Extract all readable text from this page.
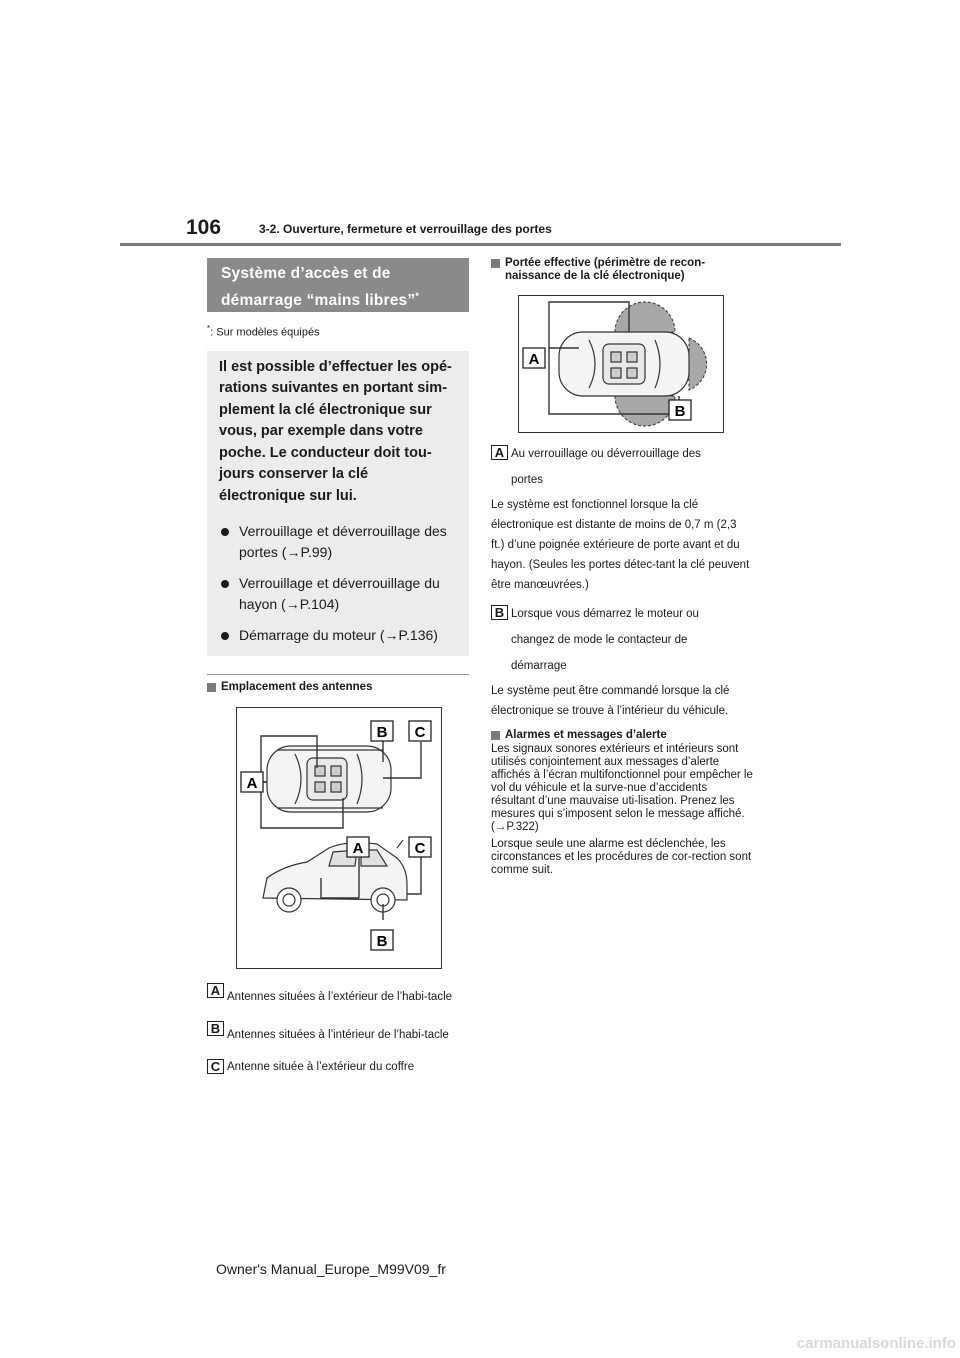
106	3-2. Ouverture, fermeture et verrouillage des portes
Système d’accès et de
démarrage “mains libres”*
*: Sur modèles équipés
Il est possible d’effectuer les opé-rations suivantes en portant sim-plement la clé électronique sur vous, par exemple dans votre poche. Le conducteur doit tou-jours conserver la clé électronique sur lui.
Verrouillage et déverrouillage des portes (→P.99)
Verrouillage et déverrouillage du hayon (→P.104)
Démarrage du moteur (→P.136)
Emplacement des antennes
B C
A
A	C
B
A Antennes situées à l’extérieur de l’habi-tacle
B Antennes situées à l’intérieur de l’habi-tacle
C Antenne située à l’extérieur du coffre
Portée effective (périmètre de recon-naissance de la clé électronique)
A
B
A Au verrouillage ou déverrouillage des portes
Le système est fonctionnel lorsque la clé électronique est distante de moins de 0,7 m (2,3 ft.) d’une poignée extérieure de porte avant et du hayon. (Seules les portes détec-tant la clé peuvent être manœuvrées.)
B Lorsque vous démarrez le moteur ou changez de mode le contacteur de démarrage
Le système peut être commandé lorsque la clé électronique se trouve à l’intérieur du véhicule.
Alarmes et messages d’alerte
Les signaux sonores extérieurs et intérieurs sont utilisés conjointement aux messages d’alerte affichés à l’écran multifonctionnel pour empêcher le vol du véhicule et la surve-nue d’accidents résultant d’une mauvaise uti-lisation. Prenez les mesures qui s’imposent selon le message affiché. (→P.322)
Lorsque seule une alarme est déclenchée, les circonstances et les procédures de cor-rection sont comme suit.
Owner's Manual_Europe_M99V09_fr
carmanualsonline.info
